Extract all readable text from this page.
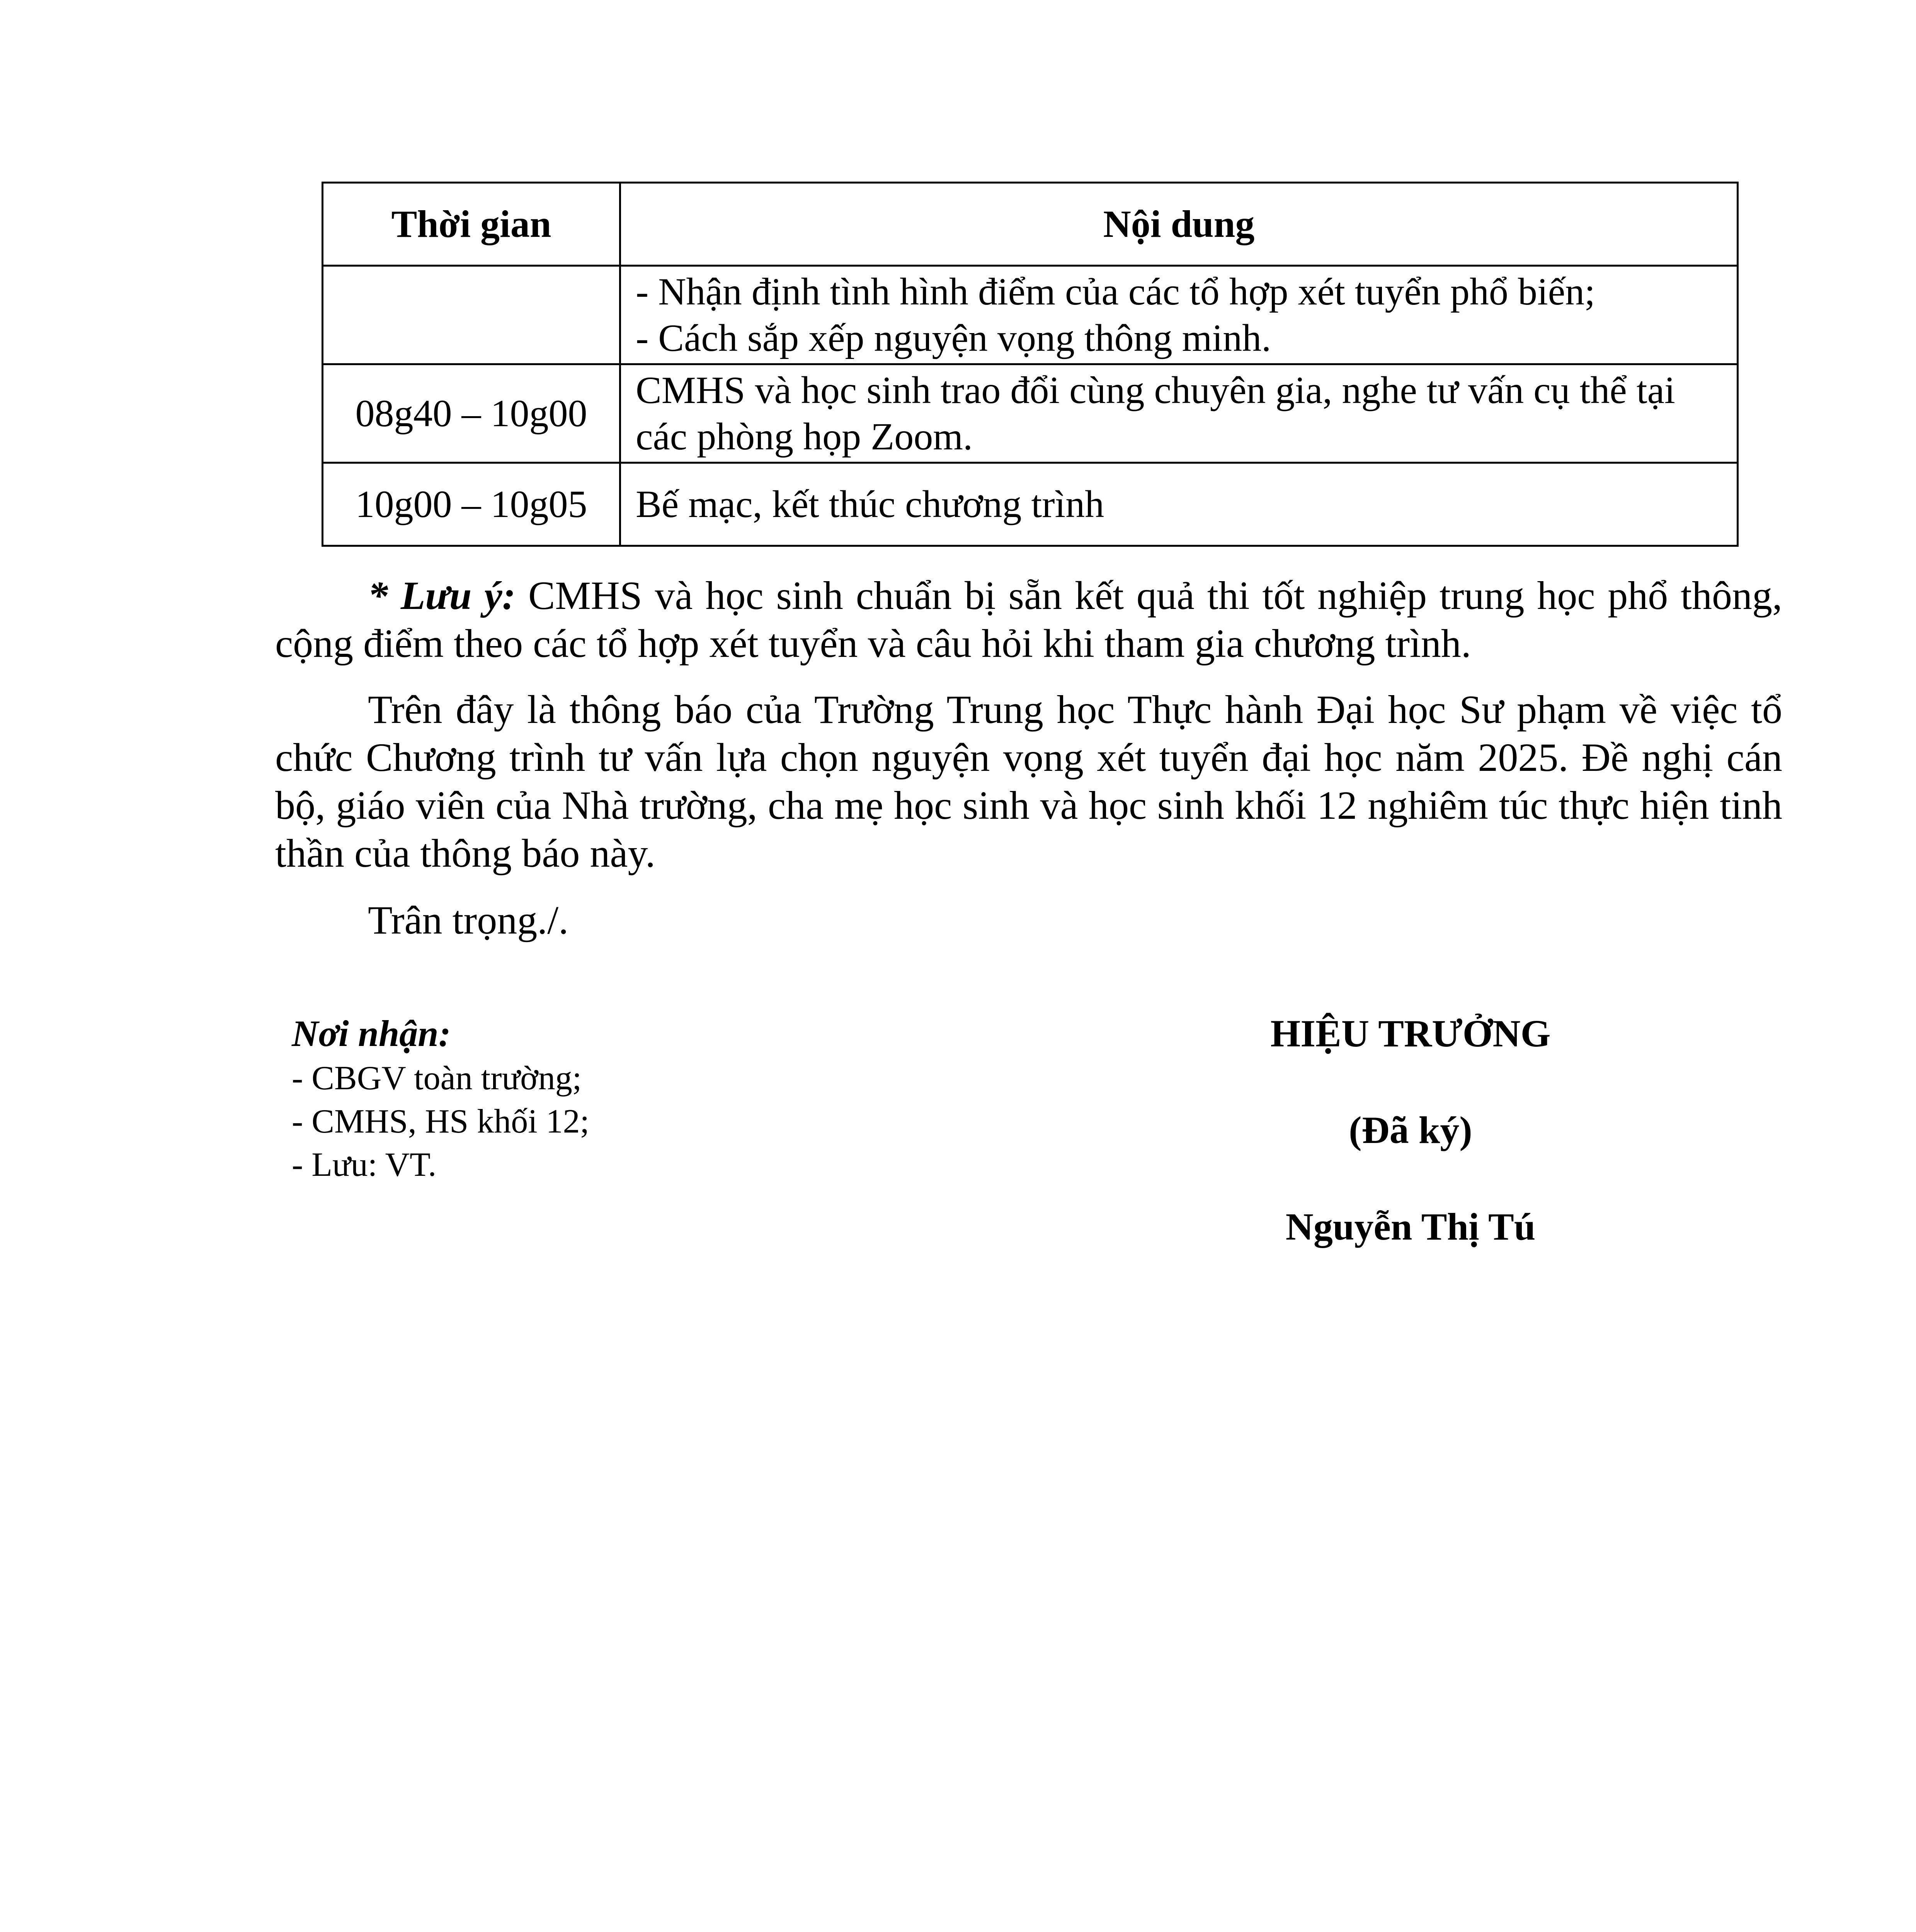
Thời gian	Nội dung

	- Nhận định tình hình điểm của các tổ hợp xét tuyển phổ biến;
- Cách sắp xếp nguyện vọng thông minh.

08g40 – 10g00	CMHS và học sinh trao đổi cùng chuyên gia, nghe tư vấn cụ thể tại các phòng họp Zoom.

10g00 – 10g05	Bế mạc, kết thúc chương trình

* Lưu ý: CMHS và học sinh chuẩn bị sẵn kết quả thi tốt nghiệp trung học phổ thông, cộng điểm theo các tổ hợp xét tuyển và câu hỏi khi tham gia chương trình.

Trên đây là thông báo của Trường Trung học Thực hành Đại học Sư phạm về việc tổ chức Chương trình tư vấn lựa chọn nguyện vọng xét tuyển đại học năm 2025. Đề nghị cán bộ, giáo viên của Nhà trường, cha mẹ học sinh và học sinh khối 12 nghiêm túc thực hiện tinh thần của thông báo này.

Trân trọng./.

Nơi nhận:
- CBGV toàn trường;
- CMHS, HS khối 12;
- Lưu: VT.
HIỆU TRƯỞNG
(Đã ký)
Nguyễn Thị Tú
